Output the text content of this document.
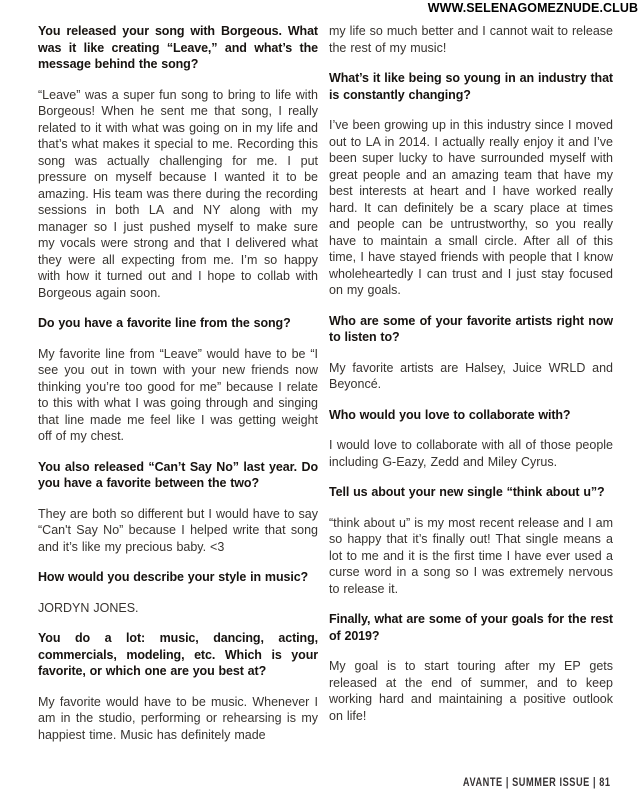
WWW.SELENAGOMEZNUDE.CLUB

You released your song with Borgeous. What was it like creating “Leave,” and what’s the message behind the song?

“Leave” was a super fun song to bring to life with Borgeous! When he sent me that song, I really related to it with what was going on in my life and that’s what makes it special to me. Recording this song was actually challenging for me. I put pressure on myself because I wanted it to be amazing. His team was there during the recording sessions in both LA and NY along with my manager so I just pushed myself to make sure my vocals were strong and that I delivered what they were all expecting from me. I’m so happy with how it turned out and I hope to collab with Borgeous again soon.

Do you have a favorite line from the song?

My favorite line from “Leave” would have to be “I see you out in town with your new friends now thinking you’re too good for me” because I relate to this with what I was going through and singing that line made me feel like I was getting weight off of my chest.

You also released “Can’t Say No” last year. Do you have a favorite between the two?

They are both so different but I would have to say “Can't Say No” because I helped write that song and it’s like my precious baby. <3

How would you describe your style in music?

JORDYN JONES.

You do a lot: music, dancing, acting, commercials, modeling, etc. Which is your favorite, or which one are you best at?

My favorite would have to be music. Whenever I am in the studio, performing or rehearsing is my happiest time. Music has definitely made

my life so much better and I cannot wait to release the rest of my music!

What’s it like being so young in an industry that is constantly changing?

I’ve been growing up in this industry since I moved out to LA in 2014. I actually really enjoy it and I’ve been super lucky to have surrounded myself with great people and an amazing team that have my best interests at heart and I have worked really hard. It can definitely be a scary place at times and people can be untrustworthy, so you really have to maintain a small circle. After all of this time, I have stayed friends with people that I know wholeheartedly I can trust and I just stay focused on my goals.

Who are some of your favorite artists right now to listen to?

My favorite artists are Halsey, Juice WRLD and Beyoncé.

Who would you love to collaborate with?

I would love to collaborate with all of those people including G-Eazy, Zedd and Miley Cyrus.

Tell us about your new single “think about u”?

“think about u” is my most recent release and I am so happy that it’s finally out! That single means a lot to me and it is the first time I have ever used a curse word in a song so I was extremely nervous to release it.

Finally, what are some of your goals for the rest of 2019?

My goal is to start touring after my EP gets released at the end of summer, and to keep working hard and maintaining a positive outlook on life!

AVANTE | SUMMER ISSUE | 81
